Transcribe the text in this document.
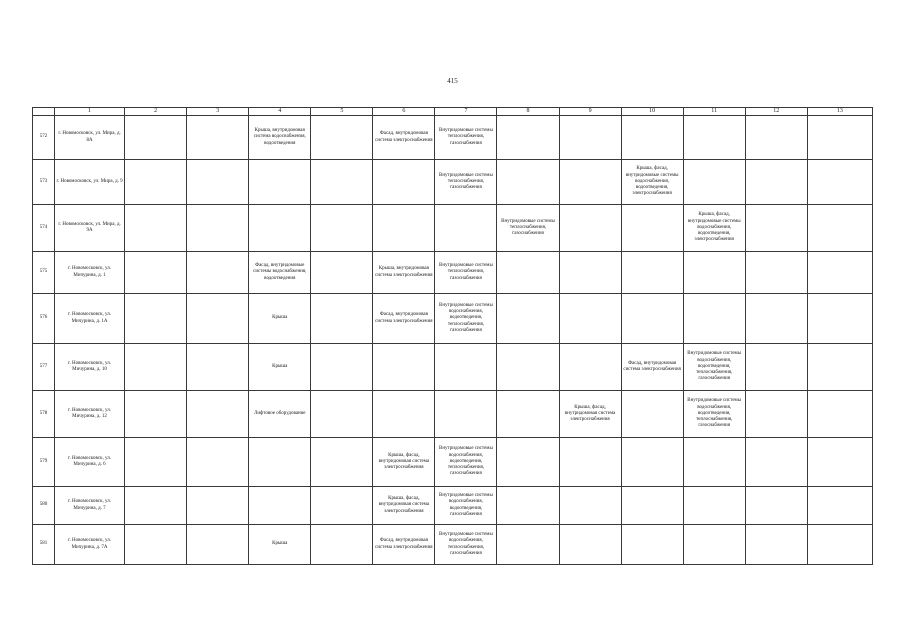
415
	1	2	3	4	5	6	7	8	9	10	11	12	13
572	г. Новомосковск, ул. Мира, д. 8А			Крыша, внутридомовая система водоснабжения, водоотведения		Фасад, внутридомовая система электроснабжения	Внутридомовые системы теплоснабжения, газоснабжения						
573	г. Новомосковск, ул. Мира, д. 9						Внутридомовые системы теплоснабжения, газоснабжения			Крыша, фасад, внутридомовые системы водоснабжения, водоотведения, электроснабжения			
574	г. Новомосковск, ул. Мира, д. 9А							Внутридомовые системы теплоснабжения, газоснабжения			Крыша, фасад, внутридомовые системы водоснабжения, водоотведения, электроснабжения		
575	г. Новомосковск, ул. Мичурина, д. 1			Фасад, внутридомовые системы водоснабжения, водоотведения		Крыша, внутридомовая система электроснабжения	Внутридомовые системы теплоснабжения, газоснабжения						
576	г. Новомосковск, ул. Мичурина, д. 1А			Крыша		Фасад, внутридомовая система электроснабжения	Внутридомовые системы водоснабжения, водоотведения, теплоснабжения, газоснабжения						
577	г. Новомосковск, ул. Мичурина, д. 10			Крыша						Фасад, внутридомовая система электроснабжения	Внутридомовые системы водоснабжения, водоотведения, теплоснабжения, газоснабжения		
578	г. Новомосковск, ул. Мичурина, д. 12			Лифтовое оборудование					Крыша, фасад, внутридомовая система электроснабжения		Внутридомовые системы водоснабжения, водоотведения, теплоснабжения, газоснабжения		
579	г. Новомосковск, ул. Мичурина, д. 6					Крыша, фасад, внутридомовая система электроснабжения	Внутридомовые системы водоснабжения, водоотведения, теплоснабжения, газоснабжения						
580	г. Новомосковск, ул. Мичурина, д. 7					Крыша, фасад, внутридомовая система электроснабжения	Внутридомовые системы водоснабжения, водоотведения, газоснабжения						
581	г. Новомосковск, ул. Мичурина, д. 7А			Крыша		Фасад, внутридомовая система электроснабжения	Внутридомовые системы водоснабжения, теплоснабжения, газоснабжения						
